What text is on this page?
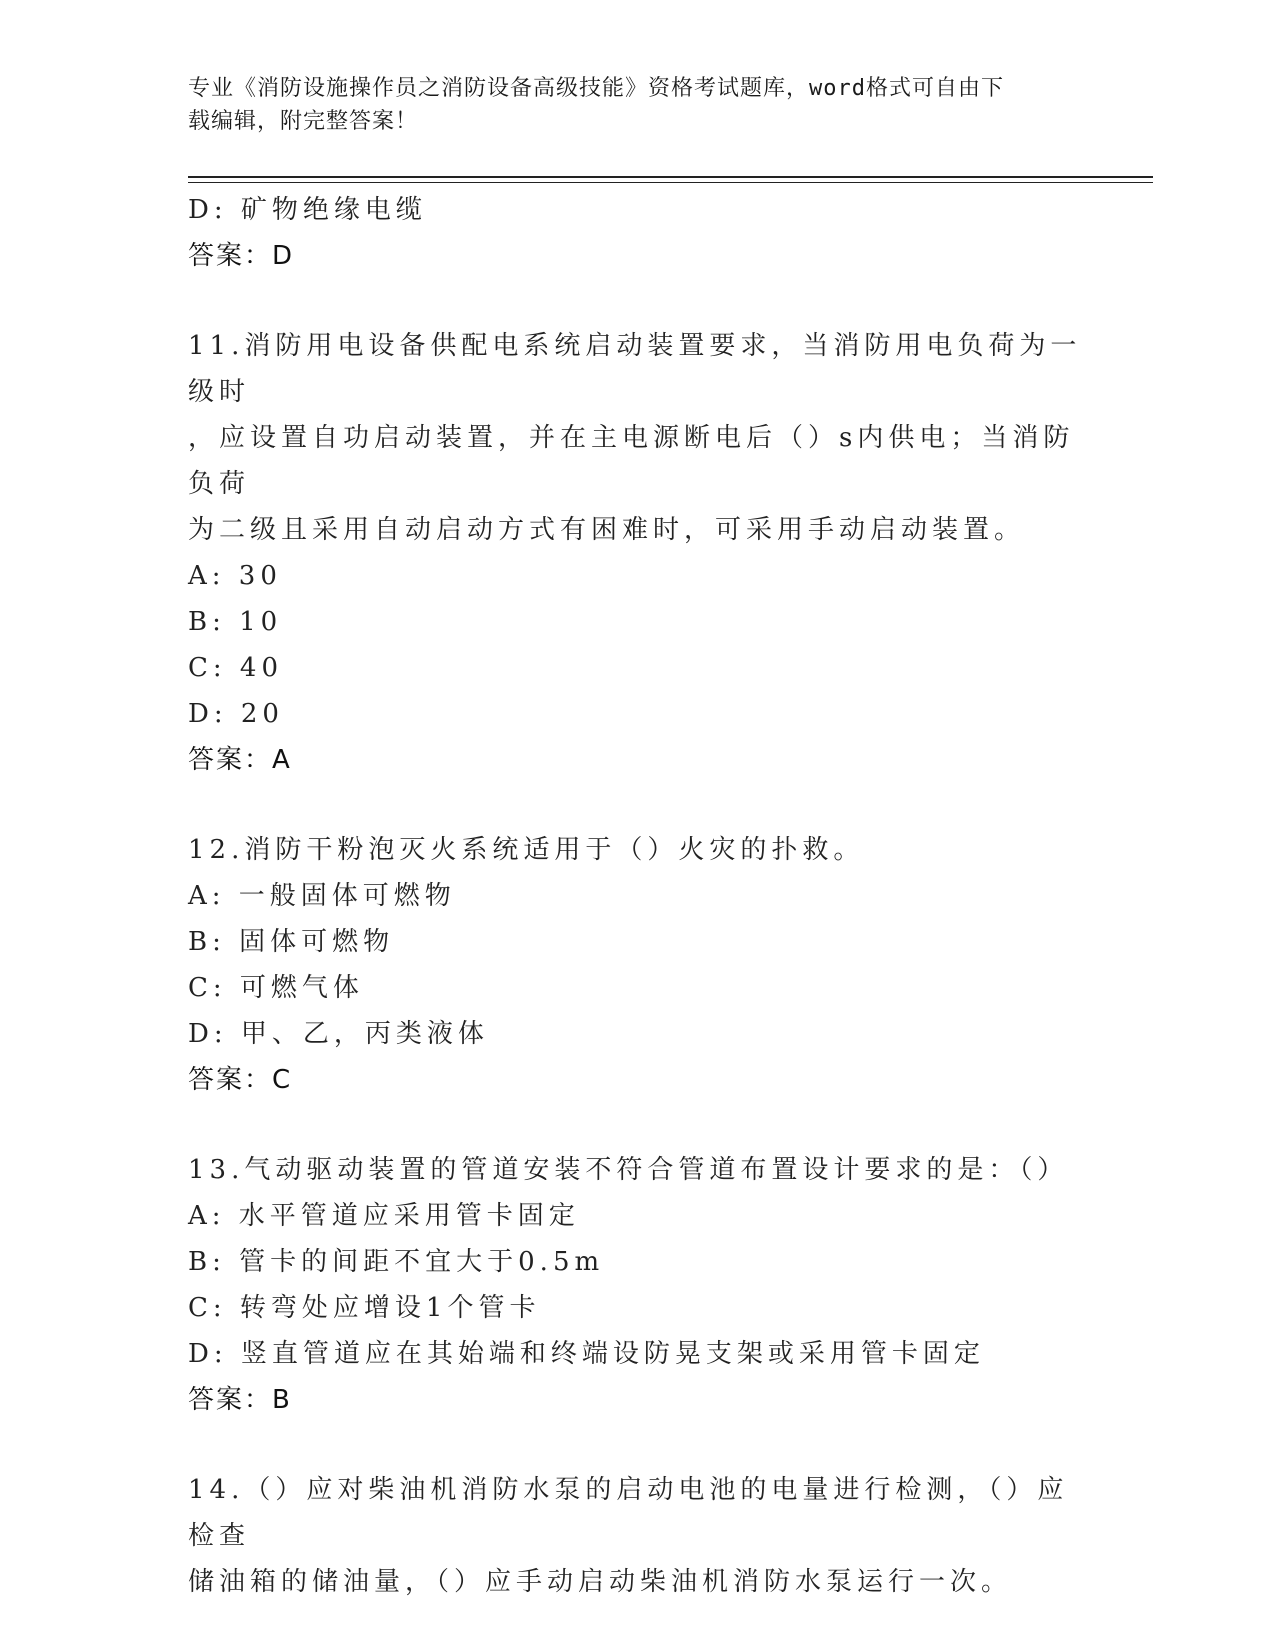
专业《消防设施操作员之消防设备高级技能》资格考试题库，word格式可自由下
载编辑，附完整答案！
D: 矿物绝缘电缆
答案：D
11.消防用电设备供配电系统启动装置要求，当消防用电负荷为一级时
，应设置自功启动装置，并在主电源断电后（）s内供电；当消防负荷
为二级且采用自动启动方式有困难时，可采用手动启动装置。
A: 30
B: 10
C: 40
D: 20
答案：A
12.消防干粉泡灭火系统适用于（）火灾的扑救。
A: 一般固体可燃物
B: 固体可燃物
C: 可燃气体
D: 甲、乙，丙类液体
答案：C
13.气动驱动装置的管道安装不符合管道布置设计要求的是：（）
A: 水平管道应采用管卡固定
B: 管卡的间距不宜大于0.5m
C: 转弯处应增设1个管卡
D: 竖直管道应在其始端和终端设防晃支架或采用管卡固定
答案：B
14.（）应对柴油机消防水泵的启动电池的电量进行检测，（）应检查
储油箱的储油量，（）应手动启动柴油机消防水泵运行一次。
